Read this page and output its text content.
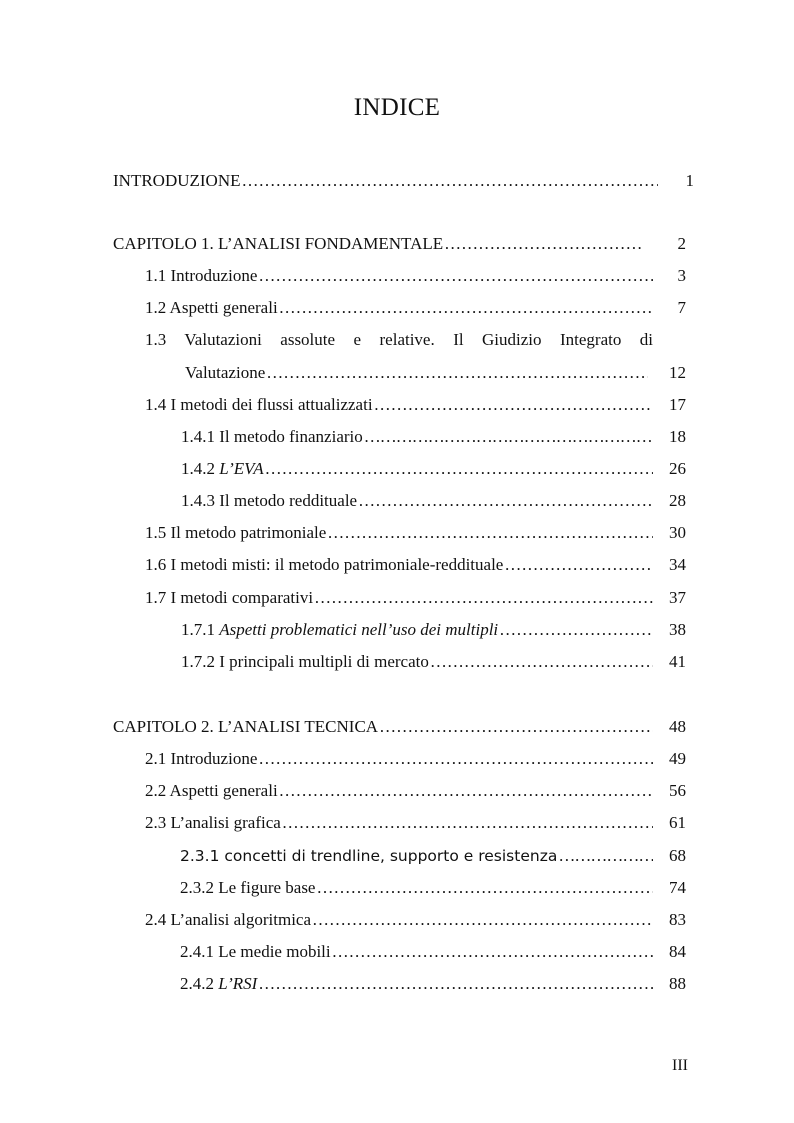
INDICE
INTRODUZIONE …………………………………………………………………………………………………………………………………………	1
CAPITOLO 1. L’ANALISI FONDAMENTALE …………………………………………………………………………………………………………………………………………	2
1.1 Introduzione …………………………………………………………………………………………………………………………………………	3
1.2 Aspetti generali …………………………………………………………………………………………………………………………………………	7
1.3 Valutazioni assolute e relative. Il Giudizio Integrato di
Valutazione …………………………………………………………………………………………………………………………………………	12
1.4 I metodi dei flussi attualizzati …………………………………………………………………………………………………………………………………………	17
1.4.1 Il metodo finanziario …………………………………………………………………………………………………………………………………………	18
1.4.2 L’EVA …………………………………………………………………………………………………………………………………………	26
1.4.3 Il metodo reddituale …………………………………………………………………………………………………………………………………………	28
1.5 Il metodo patrimoniale …………………………………………………………………………………………………………………………………………	30
1.6 I metodi misti: il metodo patrimoniale-reddituale …………………………………………………………………………………………………………………………………………	34
1.7 I metodi comparativi …………………………………………………………………………………………………………………………………………	37
1.7.1 Aspetti problematici nell’uso dei multipli …………………………………………………………………………………………………………………………………………	38
1.7.2 I principali multipli di mercato …………………………………………………………………………………………………………………………………………	41
CAPITOLO 2. L’ANALISI TECNICA …………………………………………………………………………………………………………………………………………	48
2.1 Introduzione …………………………………………………………………………………………………………………………………………	49
2.2 Aspetti generali …………………………………………………………………………………………………………………………………………	56
2.3 L’analisi grafica …………………………………………………………………………………………………………………………………………	61
2.3.1 concetti di trendline, supporto e resistenza …………………………………………………………………………………………………………………………………………	68
2.3.2 Le figure base …………………………………………………………………………………………………………………………………………	74
2.4 L’analisi algoritmica …………………………………………………………………………………………………………………………………………	83
2.4.1 Le medie mobili …………………………………………………………………………………………………………………………………………	84
2.4.2 L’RSI …………………………………………………………………………………………………………………………………………	88
III
